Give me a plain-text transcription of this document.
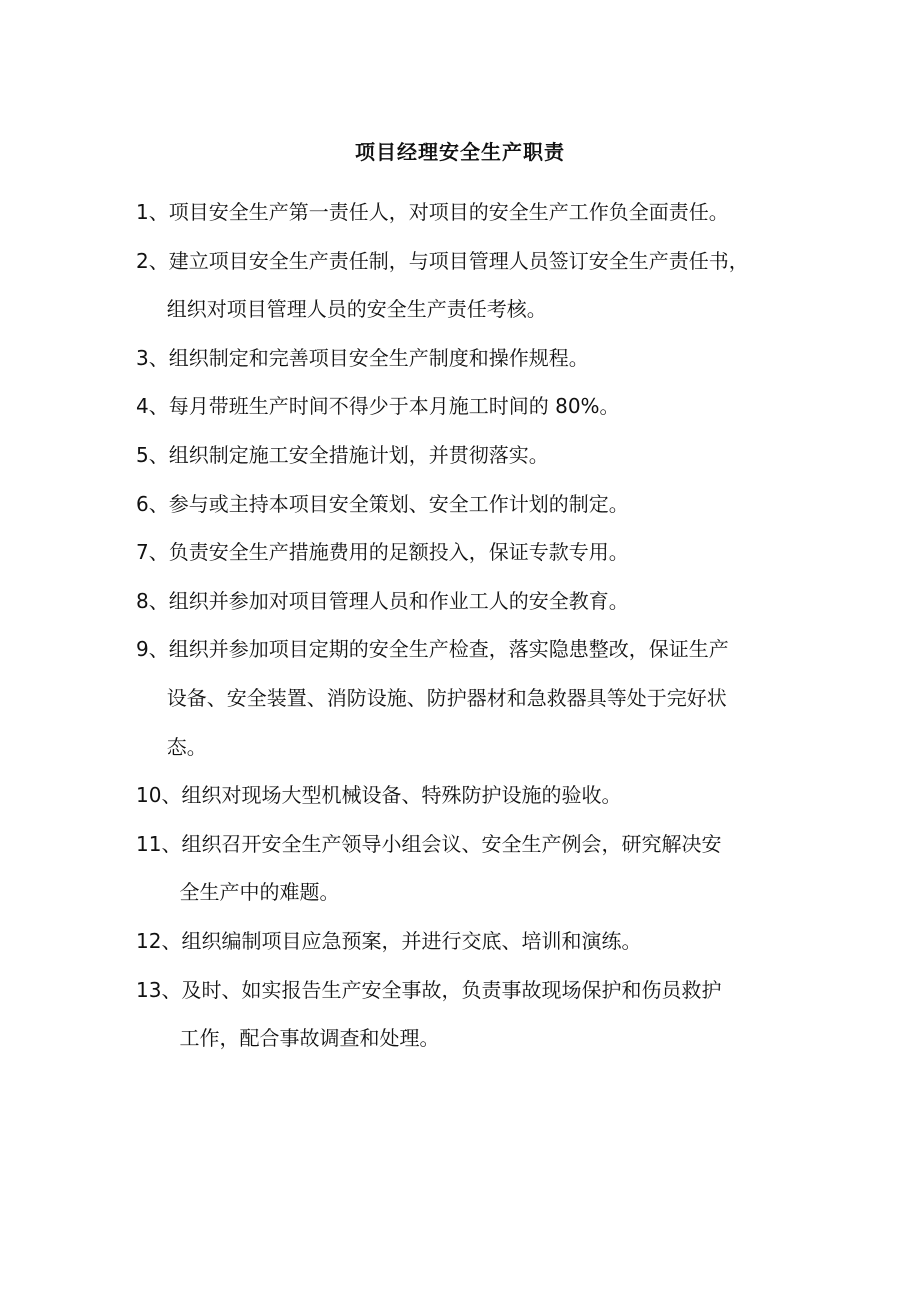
项目经理安全生产职责
1、 项目安全生产第一责任人，对项目的安全生产工作负全面责任。
2、 建立项目安全生产责任制，与项目管理人员签订安全生产责任书，
组织对项目管理人员的安全生产责任考核。
3、 组织制定和完善项目安全生产制度和操作规程。
4、 每月带班生产时间不得少于本月施工时间的 80%。
5、 组织制定施工安全措施计划，并贯彻落实。
6、 参与或主持本项目安全策划、安全工作计划的制定。
7、 负责安全生产措施费用的足额投入，保证专款专用。
8、 组织并参加对项目管理人员和作业工人的安全教育。
9、 组织并参加项目定期的安全生产检查，落实隐患整改，保证生产
设备、安全装置、消防设施、防护器材和急救器具等处于完好状
态。
10、 组织对现场大型机械设备、特殊防护设施的验收。
11、 组织召开安全生产领导小组会议、安全生产例会，研究解决安
全生产中的难题。
12、 组织编制项目应急预案，并进行交底、培训和演练。
13、 及时、如实报告生产安全事故，负责事故现场保护和伤员救护
工作，配合事故调查和处理。
